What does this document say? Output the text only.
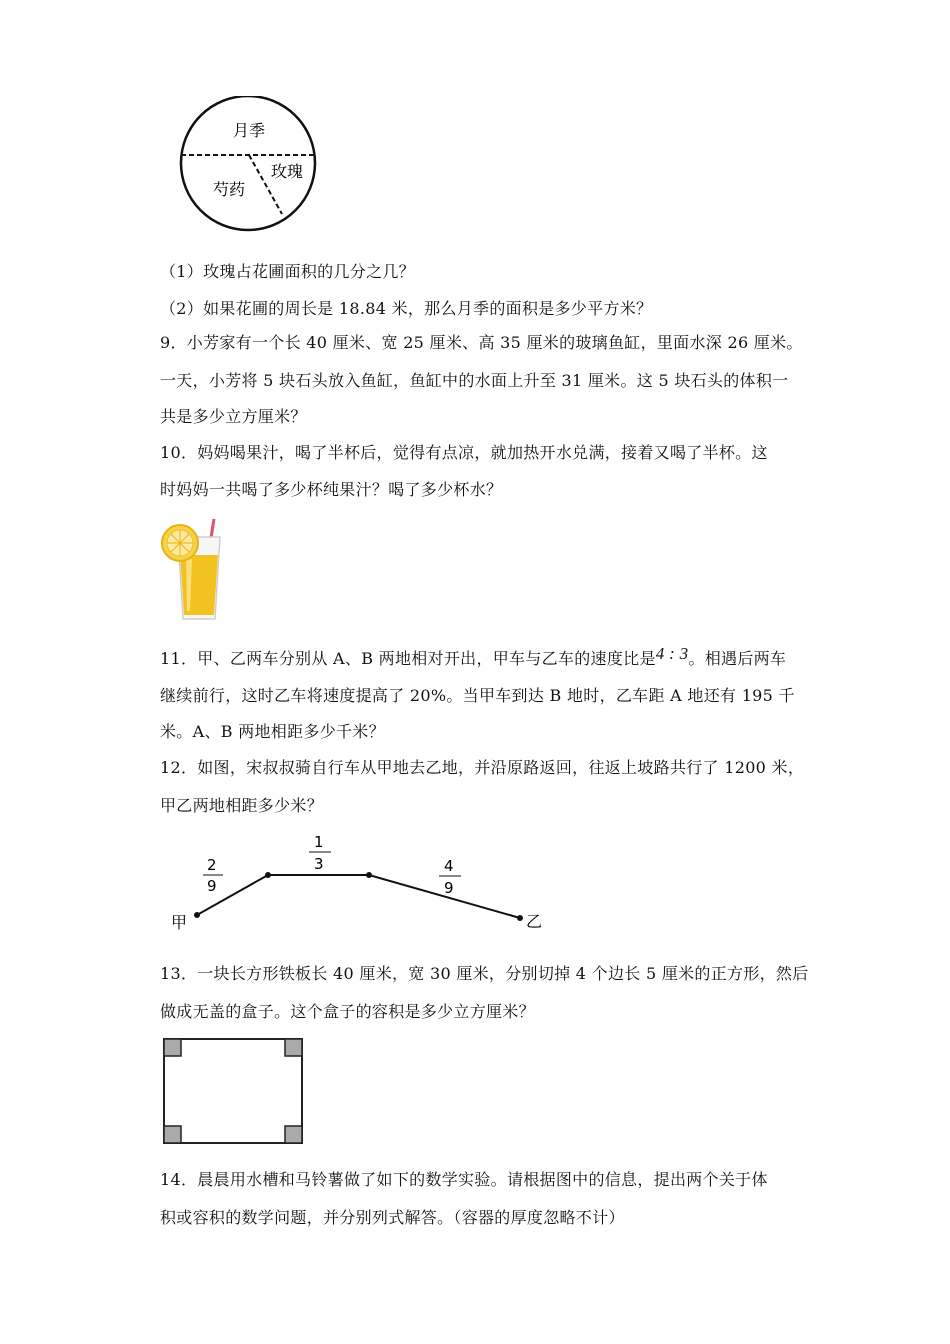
月季
玫瑰
芍药
（1）玫瑰占花圃面积的几分之几？
（2）如果花圃的周长是 18.84 米，那么月季的面积是多少平方米？
9．小芳家有一个长 40 厘米、宽 25 厘米、高 35 厘米的玻璃鱼缸，里面水深 26 厘米。
一天，小芳将 5 块石头放入鱼缸，鱼缸中的水面上升至 31 厘米。这 5 块石头的体积一
共是多少立方厘米？
10．妈妈喝果汁，喝了半杯后，觉得有点凉，就加热开水兑满，接着又喝了半杯。这
时妈妈一共喝了多少杯纯果汁？喝了多少杯水？
11．甲、乙两车分别从 A、B 两地相对开出，甲车与乙车的速度比是4 : 3。相遇后两车
继续前行，这时乙车将速度提高了 20%。当甲车到达 B 地时，乙车距 A 地还有 195 千
米。A、B 两地相距多少千米？
12．如图，宋叔叔骑自行车从甲地去乙地，并沿原路返回，往返上坡路共行了 1200 米，
甲乙两地相距多少米？
甲	乙
2
9
1
3	4
9
13．一块长方形铁板长 40 厘米，宽 30 厘米，分别切掉 4 个边长 5 厘米的正方形，然后
做成无盖的盒子。这个盒子的容积是多少立方厘米？
14．晨晨用水槽和马铃薯做了如下的数学实验。请根据图中的信息，提出两个关于体
积或容积的数学问题，并分别列式解答。（容器的厚度忽略不计）
